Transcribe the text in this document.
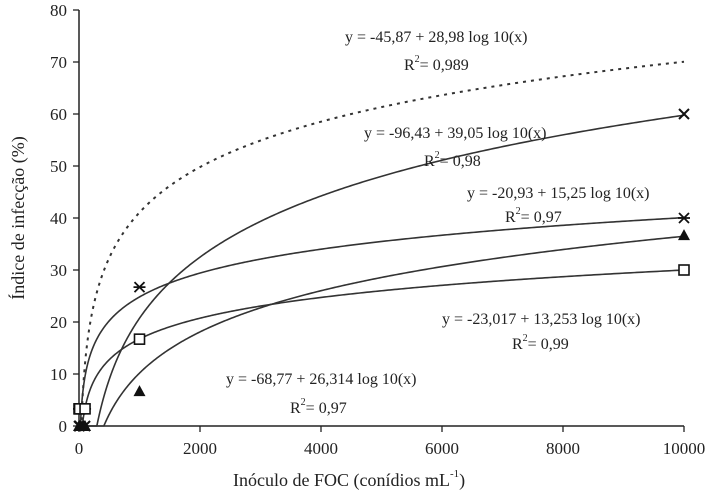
0
10
20
30
40
50
60
70
80
0	2000	4000	6000	8000	10000
Índice de infecção (%)
Inóculo de FOC (conídios $mL^{-1}$)
y = -45,87 + 28,98 log 10(x)
$R^2= 0,989$
y = -96,43 + 39,05 log 10(x)
$R^2= 0,98$
y = -20,93 + 15,25 log 10(x)
$R^2= 0,97$
y = -23,017 + 13,253 log 10(x)
$R^2= 0,99$
y = -68,77 + 26,314 log 10(x)
$R^2= 0,97$
